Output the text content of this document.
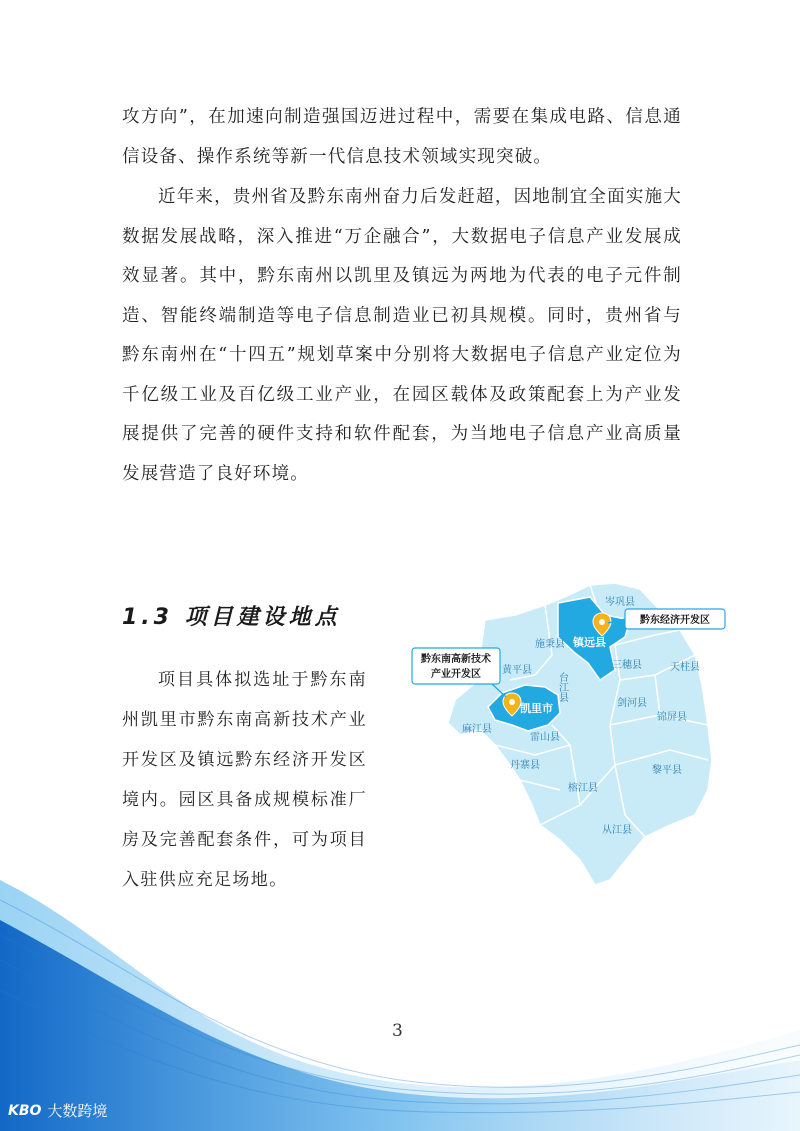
攻方向”，在加速向制造强国迈进过程中，需要在集成电路、信息通信设备、操作系统等新一代信息技术领域实现突破。

近年来，贵州省及黔东南州奋力后发赶超，因地制宜全面实施大数据发展战略，深入推进“万企融合”，大数据电子信息产业发展成效显著。其中，黔东南州以凯里及镇远为两地为代表的电子元件制造、智能终端制造等电子信息制造业已初具规模。同时，贵州省与黔东南州在“十四五”规划草案中分别将大数据电子信息产业定位为千亿级工业及百亿级工业产业，在园区载体及政策配套上为产业发展提供了完善的硬件支持和软件配套，为当地电子信息产业高质量发展营造了良好环境。

1.3 项目建设地点

项目具体拟选址于黔东南州凯里市黔东南高新技术产业开发区及镇远黔东经济开发区境内。园区具备成规模标准厂房及完善配套条件，可为项目入驻供应充足场地。

岑巩县
施秉县
黄平县	三穗县	天柱县
剑河县
锦屏县
麻江县
雷山县
丹寨县	黎平县
榕江县
从江县
台江县
镇远县
凯里市
黔东经济开发区
黔东南高新技术
产业开发区
3
KBO 大数跨境
